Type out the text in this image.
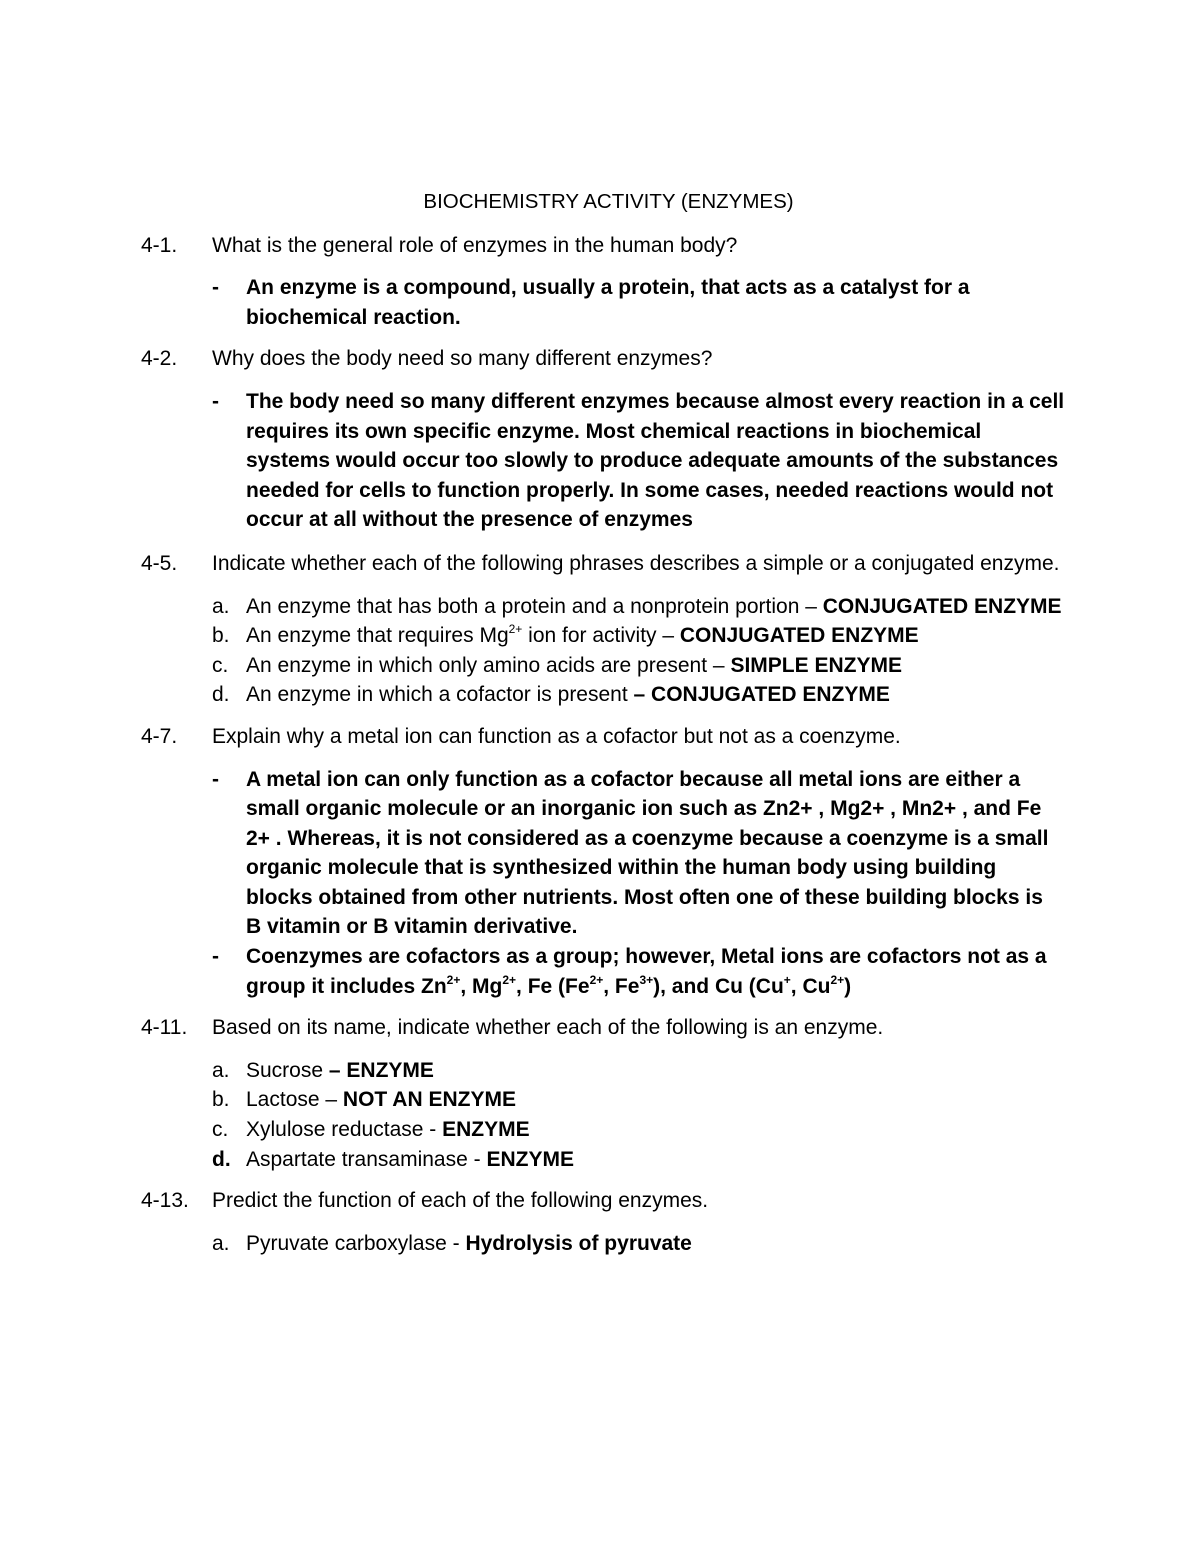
BIOCHEMISTRY ACTIVITY (ENZYMES)
4-1.	What is the general role of enzymes in the human body?
-	An enzyme is a compound, usually a protein, that acts as a catalyst for a biochemical reaction.
4-2.	Why does the body need so many different enzymes?
-	The body need so many different enzymes because almost every reaction in a cell requires its own specific enzyme. Most chemical reactions in biochemical systems would occur too slowly to produce adequate amounts of the substances needed for cells to function properly. In some cases, needed reactions would not occur at all without the presence of enzymes

4-5. Indicate whether each of the following phrases describes a simple or a conjugated enzyme.

a. An enzyme that has both a protein and a nonprotein portion – CONJUGATED ENZYME
b. An enzyme that requires $Mg^{2+}$ ion for activity – CONJUGATED ENZYME
c. An enzyme in which only amino acids are present – SIMPLE ENZYME
d. An enzyme in which a cofactor is present – CONJUGATED ENZYME
4-7.	Explain why a metal ion can function as a cofactor but not as a coenzyme.
-	A metal ion can only function as a cofactor because all metal ions are either a small organic molecule or an inorganic ion such as Zn2+ , Mg2+ , Mn2+ , and Fe 2+ . Whereas, it is not considered as a coenzyme because a coenzyme is a small organic molecule that is synthesized within the human body using building blocks obtained from other nutrients. Most often one of these building blocks is B vitamin or B vitamin derivative.
-	Coenzymes are cofactors as a group; however, Metal ions are cofactors not as a group it includes $Zn^{2+}$, $Mg^{2+}$, Fe ($Fe^{2+}$, $Fe^{3+}$), and Cu (Cu+, $Cu^{2+}$)
4-11.	Based on its name, indicate whether each of the following is an enzyme.
a. Sucrose – ENZYME
b. Lactose – NOT AN ENZYME
c. Xylulose reductase - ENZYME
d. Aspartate transaminase - ENZYME
4-13.	Predict the function of each of the following enzymes.
a. Pyruvate carboxylase - Hydrolysis of pyruvate
